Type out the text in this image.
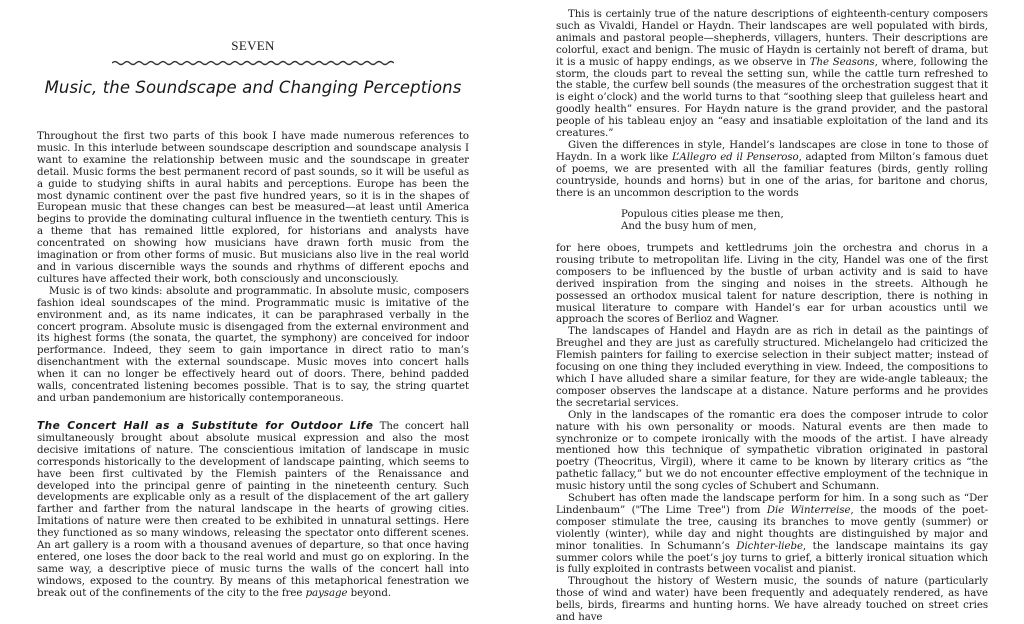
SEVEN
Music, the Soundscape and Changing Perceptions

Throughout the first two parts of this book I have made numerous references to music. In this interlude between soundscape description and soundscape analysis I want to examine the relationship between music and the soundscape in greater detail. Music forms the best permanent record of past sounds, so it will be useful as a guide to studying shifts in aural habits and perceptions. Europe has been the most dynamic continent over the past five hundred years, so it is in the shapes of European music that these changes can best be measured—at least until America begins to provide the dominating cultural influence in the twentieth century. This is a theme that has remained little explored, for historians and analysts have concentrated on showing how musicians have drawn forth music from the imagination or from other forms of music. But musicians also live in the real world and in various discernible ways the sounds and rhythms of different epochs and cultures have affected their work, both consciously and unconsciously.

Music is of two kinds: absolute and programmatic. In absolute music, composers fashion ideal soundscapes of the mind. Programmatic music is imitative of the environment and, as its name indicates, it can be paraphrased verbally in the concert program. Absolute music is disengaged from the external environment and its highest forms (the sonata, the quartet, the symphony) are conceived for indoor performance. Indeed, they seem to gain importance in direct ratio to man’s disenchantment with the external soundscape. Music moves into concert halls when it can no longer be effectively heard out of doors. There, behind padded walls, concentrated listening becomes possible. That is to say, the string quartet and urban pandemonium are historically contemporaneous.

The Concert Hall as a Substitute for Outdoor Life The concert hall simultaneously brought about absolute musical expression and also the most decisive imitations of nature. The conscientious imitation of landscape in music corresponds historically to the development of landscape painting, which seems to have been first cultivated by the Flemish painters of the Renaissance and developed into the principal genre of painting in the nineteenth century. Such developments are explicable only as a result of the displacement of the art gallery farther and farther from the natural landscape in the hearts of growing cities. Imitations of nature were then created to be exhibited in unnatural settings. Here they functioned as so many windows, releasing the spectator onto different scenes. An art gallery is a room with a thousand avenues of departure, so that once having entered, one loses the door back to the real world and must go on exploring. In the same way, a descriptive piece of music turns the walls of the concert hall into windows, exposed to the country. By means of this metaphorical fenestration we break out of the confinements of the city to the free paysage beyond.

This is certainly true of the nature descriptions of eighteenth-century composers such as Vivaldi, Handel or Haydn. Their landscapes are well populated with birds, animals and pastoral people—shepherds, villagers, hunters. Their descriptions are colorful, exact and benign. The music of Haydn is certainly not bereft of drama, but it is a music of happy endings, as we observe in The Seasons, where, following the storm, the clouds part to reveal the setting sun, while the cattle turn refreshed to the stable, the curfew bell sounds (the measures of the orchestration suggest that it is eight o’clock) and the world turns to that “soothing sleep that guileless heart and goodly health” ensures. For Haydn nature is the grand provider, and the pastoral people of his tableau enjoy an “easy and insatiable exploitation of the land and its creatures.”

Given the differences in style, Handel’s landscapes are close in tone to those of Haydn. In a work like L’Allegro ed il Penseroso, adapted from Milton’s famous duet of poems, we are presented with all the familiar features (birds, gently rolling countryside, hounds and horns) but in one of the arias, for baritone and chorus, there is an uncommon description to the words

Populous cities please me then,
And the busy hum of men,

for here oboes, trumpets and kettledrums join the orchestra and chorus in a rousing tribute to metropolitan life. Living in the city, Handel was one of the first composers to be influenced by the bustle of urban activity and is said to have derived inspiration from the singing and noises in the streets. Although he possessed an orthodox musical talent for nature description, there is nothing in musical literature to compare with Handel’s ear for urban acoustics until we approach the scores of Berlioz and Wagner.

The landscapes of Handel and Haydn are as rich in detail as the paintings of Breughel and they are just as carefully structured. Michelangelo had criticized the Flemish painters for failing to exercise selection in their subject matter; instead of focusing on one thing they included everything in view. Indeed, the compositions to which I have alluded share a similar feature, for they are wide-angle tableaux; the composer observes the landscape at a distance. Nature performs and he provides the secretarial services.

Only in the landscapes of the romantic era does the composer intrude to color nature with his own personality or moods. Natural events are then made to synchronize or to compete ironically with the moods of the artist. I have already mentioned how this technique of sympathetic vibration originated in pastoral poetry (Theocritus, Virgil), where it came to be known by literary critics as “the pathetic fallacy,” but we do not encounter effective employment of the technique in music history until the song cycles of Schubert and Schumann.

Schubert has often made the landscape perform for him. In a song such as “Der Lindenbaum” ("The Lime Tree") from Die Winterreise, the moods of the poet-composer stimulate the tree, causing its branches to move gently (summer) or violently (winter), while day and night thoughts are distinguished by major and minor tonalities. In Schumann’s Dichter-liebe, the landscape maintains its gay summer colors while the poet’s joy turns to grief, a bitterly ironical situation which is fully exploited in contrasts between vocalist and pianist.

Throughout the history of Western music, the sounds of nature (particularly those of wind and water) have been frequently and adequately rendered, as have bells, birds, firearms and hunting horns. We have already touched on street cries and have
